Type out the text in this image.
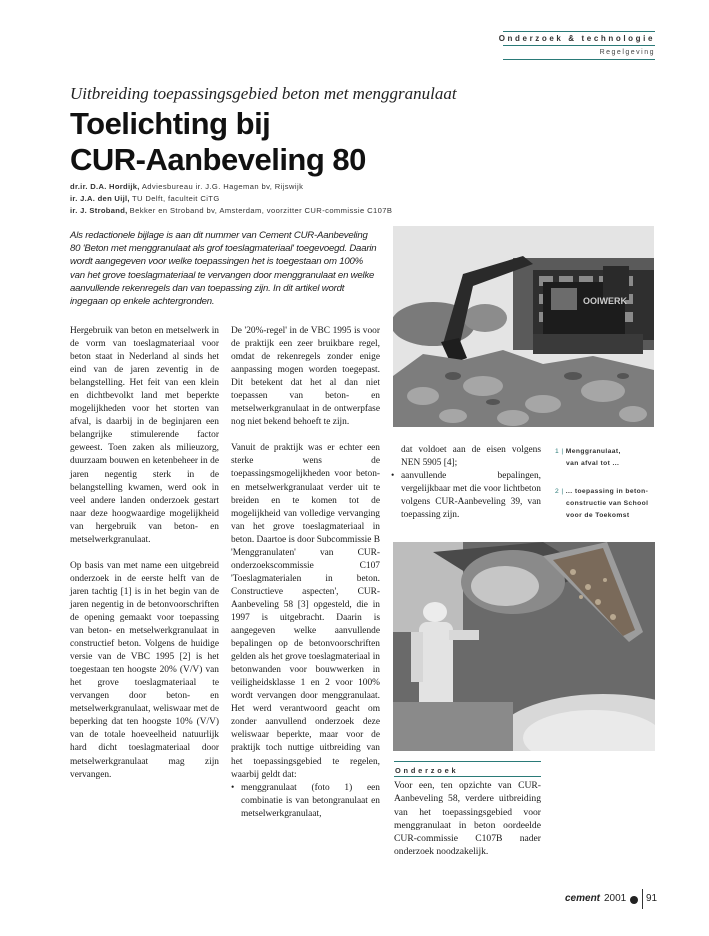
Onderzoek & technologie
Regelgeving
Uitbreiding toepassingsgebied beton met menggranulaat
Toelichting bij
CUR-Aanbeveling 80
dr.ir. D.A. Hordijk, Adviesbureau ir. J.G. Hageman bv, Rijswijk
ir. J.A. den Uijl, TU Delft, faculteit CiTG
ir. J. Stroband, Bekker en Stroband bv, Amsterdam, voorzitter CUR-commissie C107B
Als redactionele bijlage is aan dit nummer van Cement CUR-Aanbeveling 80 'Beton met menggranulaat als grof toeslagmateriaal' toegevoegd. Daarin wordt aangegeven voor welke toepassingen het is toegestaan om 100% van het grove toeslagmateriaal te vervangen door menggranulaat en welke aanvullende rekenregels dan van toepassing zijn. In dit artikel wordt ingegaan op enkele achtergronden.

Hergebruik van beton en metselwerk in de vorm van toeslagmateriaal voor beton staat in Nederland al sinds het eind van de jaren zeventig in de belangstelling. Het feit van een klein en dichtbevolkt land met beperkte mogelijkheden voor het storten van afval, is daarbij in de beginjaren een belangrijke stimulerende factor geweest. Toen zaken als milieuzorg, duurzaam bouwen en ketenbeheer in de jaren negentig sterk in de belangstelling kwamen, werd ook in veel andere landen onderzoek gestart naar deze hoogwaardige mogelijkheid van hergebruik van beton- en metselwerkgranulaat.

Op basis van met name een uitgebreid onderzoek in de eerste helft van de jaren tachtig [1] is in het begin van de jaren negentig in de betonvoorschriften de opening gemaakt voor toepassing van beton- en metselwerkgranulaat in constructief beton. Volgens de huidige versie van de VBC 1995 [2] is het toegestaan ten hoogste 20% (V/V) van het grove toeslagmateriaal te vervangen door beton- en metselwerkgranulaat, weliswaar met de beperking dat ten hoogste 10% (V/V) van de totale hoeveelheid natuurlijk hard dicht toeslagmateriaal door metselwerkgranulaat mag zijn vervangen.

De '20%-regel' in de VBC 1995 is voor de praktijk een zeer bruikbare regel, omdat de rekenregels zonder enige aanpassing mogen worden toegepast. Dit betekent dat het al dan niet toepassen van beton- en metselwerkgranulaat in de ontwerpfase nog niet bekend behoeft te zijn.

Vanuit de praktijk was er echter een sterke wens de toepassingsmogelijkheden voor beton- en metselwerkgranulaat verder uit te breiden en te komen tot de mogelijkheid van volledige vervanging van het grove toeslagmateriaal in beton. Daartoe is door Subcommissie B 'Menggranulaten' van CUR-onderzoekscommissie C107 'Toeslagmaterialen in beton. Constructieve aspecten', CUR-Aanbeveling 58 [3] opgesteld, die in 1997 is uitgebracht. Daarin is aangegeven welke aanvullende bepalingen op de betonvoorschriften gelden als het grove toeslagmateriaal in betonwanden voor bouwwerken in veiligheidsklasse 1 en 2 voor 100% wordt vervangen door menggranulaat. Het werd verantwoord geacht om zonder aanvullend onderzoek deze weliswaar beperkte, maar voor de praktijk toch nuttige uitbreiding van het toepassingsgebied te regelen, waarbij geldt dat:

• menggranulaat (foto 1) een combinatie is van betongranulaat en metselwerkgranulaat,
OOIWERK
1 | Menggranulaat,
van afval tot ...
2 | ... toepassing in beton-
constructie van School
voor de Toekomst
dat voldoet aan de eisen volgens NEN 5905 [4];
• aanvullende bepalingen, vergelijkbaar met die voor lichtbeton volgens CUR-Aanbeveling 39, van toepassing zijn.
Onderzoek
Voor een, ten opzichte van CUR-Aanbeveling 58, verdere uitbreiding van het toepassingsgebied voor menggranulaat in beton oordeelde CUR-commissie C107B nader onderzoek noodzakelijk.
cement 2001 91
